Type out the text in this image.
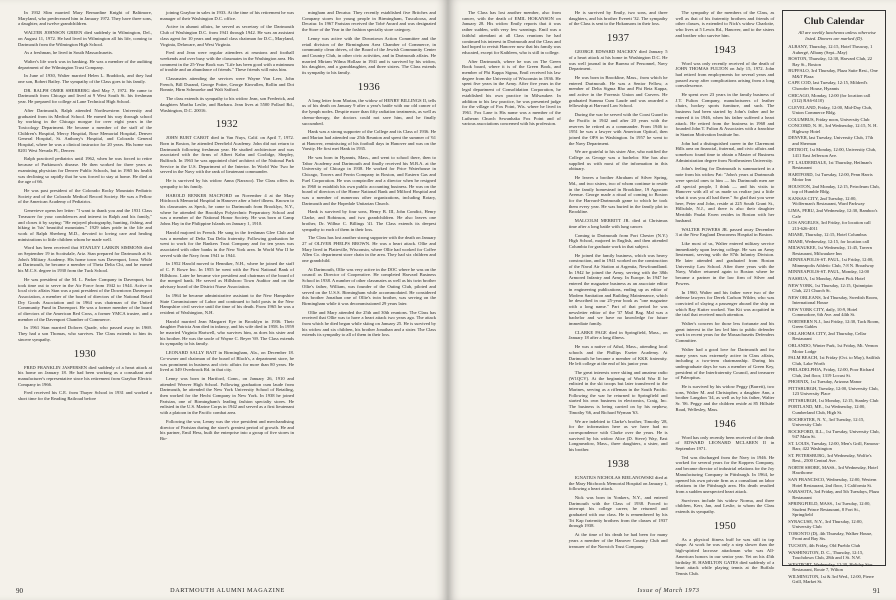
In 1932 Slim married Mary Bernardine Knight of Baltimore, Maryland, who predeceased him in January 1972. They have three sons, a daughter, and twelve grandchildren.

WALTER JOHNSON GREEN died suddenly in Wilmington, Del., on August 11, 1972. He had lived in Wilmington all his life, coming to Dartmouth from the Wilmington High School.

As a freshman, he lived in South Massachusetts.

Walter's life work was in banking. He was a member of the auditing department of the Wilmington Trust Company.

In June of 1930, Walter married Helen L. Braddock, and they had one son, Robert Bailey. The sympathy of the Class goes to his family.

DR. RALPH OMER SHERBERG died May 7, 1972. He came to Dartmouth from Chicago and lived at 9 West South St. his freshman year. He prepared for college at Lane Technical High School.

After Dartmouth, Ralph attended Northwestern University and graduated from its Medical School. He earned his way through school by working in the Chicago morgue for over eight years in the Toxicology Department. He became a member of the staff of the Children's Hospital, Mercy Hospital, Rose Memorial Hospital, Denver General Hospital, St. Anthony's Hospital, and Colorado General Hospital, where he was a clinical instructor for 20 years. His home was 8201 West Nevada Pl., Denver.

Ralph practiced pediatrics until 1962, when he was forced to retire because of Parkinson's disease. He then worked for three years as examining physician for Denver Public Schools, but in 1965 his health was declining so rapidly that he was forced to stay at home. He died at the age of 66.

He was past president of the Colorado Rocky Mountain Pediatric Society and of the Colorado Medical Record Society. He was a Fellow of the American Academy of Pediatrics.

Genevieve opens her letter: "I want to thank you and the 1931 Class Treasurer for your condolences and interest in Ralph and his family," and closes it by saying: "He enjoyed photography, hunting, fishing, and hiking in 'his' beautiful mountains." 1929 takes pride in the life and work of Ralph Sherberg M.D., devoted to loving care and healing ministrations to little children whom he made well.

Word has been received that STANLEY LARKIN SIMMONS died on September 19 in Scottsdale, Ariz. Stan prepared for Dartmouth at St. John's Military Academy. His home town was Davenport, Iowa. While at Dartmouth, he became a member of Theta Delta Chi, and he earned his M.C.S. degree in 1930 from the Tuck School.

He was president of the M. L. Parker Company in Davenport, but took time out to serve in the Air Force from 1942 to 1944. Active in local civic affairs Stan was a past president of the Downtown Davenport Association, a member of the board of directors of the National Retail Dry Goods Association and in 1964 was chairman of the United Community Fund in Davenport. He was a former member of the board of directors of the American Red Cross, a former YMCA trustee, and a member of the Davenport Chamber of Commerce.

In 1961 Stan married Dolores Quade, who passed away in 1969. They had a son Thomas, who survives. The Class extends to him its sincere sympathy.

1930

FRED FRANKLIN JASPERSEN died suddenly of a heart attack at his home on January 18. He had been working as a consultant and manufacturer's representative since his retirement from Graybar Electric Company in 1966.

Fred received his C.E. from Thayer School in 1931 and worked a short time for the Reading Railroad before

joining Graybar in sales in 1933. At the time of his retirement he was manager of their Washington D.C. office.

Active in alumni affairs, he served as secretary of the Dartmouth Club of Washington D.C. from 1941 through 1942. He was an assistant class agent for 10 years and regional class chairman for D.C., Maryland, Virginia, Delaware, and West Virginia.

Fred and Jean were regular attendees at reunions and football weekends and over busy with the classmates in the Washington area. His comment in the 25-Year Book was "Life has been good with a minimum of trouble and an abundance of friends." These friends will miss him.

Classmates attending the services were Wayne Van Leer, John French, Bill Durand, George Potter, George Kinvallen, Rollin and Dot Bonnie, Hirm Schmoeke and Walt Safford.

The class extends its sympathy to his widow Jean, son Frederick, and daughters Martha Leslie, and Barbara. Jean lives at 5500 Pollard Rd., Washington, D.C. 20016.

1932

JOHN BURT CABOT died in Van Nuys, Calif. on April 7, 1972. Born in Boston, he attended Deerfield Academy. John did not return to Dartmouth following freshman year. He studied architecture and was associated with the firms of Albert Kahn and Coolidge, Shepley, Bulfinch. In 1963 he was appointed chief architect of the National Park Service in the U.S. Department of the Interior. In World War Two he served in the Navy with the rank of lieutenant commander.

He is survived by his widow Anna (Narraco). The Class offers its sympathy to his family.

HAROLD RENKER MACFORD on November 4 at the Mary Hitchcock Memorial Hospital in Hanover after a brief illness. Known to his classmates as Speck, he came to Dartmouth from Brooklyn, N.Y., where he attended the Brooklyn Polytechnic Preparatory School and was a member of the National Honor Society. He was born at Camp Johns Hay in the Philippine Islands on January 1, 1910.

Harold majored in French. He sang in the freshman Glee Club and was a member of Delta Tau Delta fraternity. Following graduation he went to work for the Bankers Trust Company and for ten years was associated with other banks in the New York area. In World War II he served with the Navy from 1941 to 1944.

In 1952 Harold moved to Henniker, N.H., where he joined the staff of C. P. Rowe Inc. In 1955 he went with the First National Bank of Hillsboro. Later he became vice president and chairman of the board of the merged bank. He served as Hillsboro Town Auditor and on the advisory board of the District Nurse Association.

In 1964 he became administrative assistant to the New Hampshire State Commissioner of Labor and continued to hold posts in the New Hampshire civil service until the time of his death. From 1965 he was a resident of Washington, N.H.

Harold married Jean Margaret Eye in Brooklyn in 1936. Their daughter Patricia Ann died in infancy, and his wife died in 1958. In 1959 he married Virginia Hartwell, who survives him, as does his sister and his brother. He was the uncle of Wayne C. Beyer '69. The Class extends its sympathy to his family.

LEONARD SALLY BAIT in Birmingham, Ala., on December 18. Co-owner and chairman of the board of Blach's, a department store, he was prominent in business and civic affairs for more than 80 years. He lived at 349 Overbrook Rd. in that city.

Lenny was born in Hartford, Conn., on January 26, 1910 and attended Weaver High School. Following graduation cum laude from Dartmouth, he attended the New York University School of Retailing, then worked for the Hecht Company in New York. In 1938 he joined Parisian, one of Birmingham's leading fashion specialty stores. He enlisted in the U.S. Marine Corps in 1942 and served as a first lieutenant with a platoon in the Pacific combat area.

Following the war, Lenny was the vice president and merchandising director of Parisian during the store's greatest period of growth. He and his partner, Emil Hess, built the enterprise into a group of five stores in Bir-

mingham and Decatur. They recently established five Britches and Company stores for young people in Birmingham, Tuscaloosa, and Decatur. In 1967 Parisian received the Tobé Award and was designated the Store of the Year in the fashion specialty store category.

Lenny was active with the Downtown Action Committee and the retail division of the Birmingham Area Chamber of Commerce, in community clean drives, of the Board of the Jewish Community Center and Country Club, in other civic activities, and in Dartmouth affairs. He married Miriam Wilma Hollaar in 1941 and is survived by his widow, his daughter, and a granddaughter, and three sisters. The Class extends its sympathy to his family.

1936

A long letter from Marian, the widow of HENRY BILLINGS II, tells us of his death on January 9 after a year's battle with our old cancer of the lymph nodes. Despite more than fifty radiation treatments, as well as chemo-therapy, the doctors could not save him, and he finally succumbed.

Hank was a strong supporter of the College and its Class of 1936. He and Marian had attended our 25th Reunion and spent the summer of '61 at Hanover, reminiscing of his football days in Hanover and was on the Varsity. He first met Hank in 1935.

He was born in Hyannis, Mass., and went to school there, then to Tabor Academy and Dartmouth and finally received his M.B.A. at the University of Chicago in 1938. He worked for Price Waterhouse in Chicago, Towers and Ferrin Company in Boston, and Eastern Gas and Fuel Corporation. He was comptroller and a director when he resigned in 1960 to establish his own public accounting business. He was on the board of directors of the Home National Bank and Milford Hospital and was a member of numerous other organizations, including Rotary, Dartmouth and the Hopedale Unitarian Church.

Hank is survived by four sons, Henry B. III, John Condict, Henry Clarke, and Robinson, and two grandchildren. He also leaves one brother, Dr. Wilbur C. Billings '41. The Class extends its deepest sympathy to each of them in their loss.

The Class has lost another strong supporter with the death on January 27 of OLIVER PHELPS BROWN. He was a heart attack. Ollie and Mary lived in Platteville, Wisconsin, where Ollie had worked for Coffee Allen Co. department store chain in the area. They had six children and one grandchild.

At Dartmouth, Ollie was very active in the DOC where he was on the council as Director of Cooperative. He completed Harvard Business School in 1938. A number of other classmates as well as his twin brother Ollie's father, William, was founder of the Outing Club, piloted and served on the U.S.S. Birmingham while accommodated. He considered this brother Jonathan one of Ollie's twin brother, was serving on the Birmingham while it was decommissioned 29 years later.

Ollie and Mary attended the 25th and 30th reunions. The Class has received that Ollie was to have a heart attack two years ago. The attack from which he died began while skiing on January 25. He is survived by his widow and six children, his brother Jonathan and a sister. The Class extends its sympathy to all of them in their loss.

90	DARTMOUTH ALUMNI MAGAZINE

The Class has lost another member, also from cancer, with the death of EMIL HOKANSON on January 28. His widow Emily reports that it was rather sudden, with very few warnings. Emil was a faithful attendant at all Class reunions he had continued his interest in Dartmouth and the Class and had hoped to revisit Hanover now that his family was educated, except for Kathleen, who is still in college.

After Dartmouth, where he was on The Green Book board, where it is of the Green Book, and member of Phi Kappa Sigma, Emil received his law degree from the University of Wisconsin in 1936. He spent five years in the Army. After five years in the legal department of Consolidation Corporation, he established his own practice in Milwaukee. In addition to his law practice, he was presented judge for the village of Fox Point, Wis. where he lived in 1961. Fox Lane is His name was a member of the Lutheran Church Sewanhaka Fox Point and of various associations concerned with his profession.

He is survived by Emily, two sons, and three daughters, and his brother Everett '32. The sympathy of the Class is sent to the Hokansons in their loss.

1937

GEORGE EDWARD MACKEY died January 5 of a heart attack at his home in Washington D.C. He was well journal in the Bureau of Personnel, Navy Department.

He was born in Brookline, Mass., from which he entered Dartmouth. He was a Senior Fellow, a member of Delta Sigma Rho and Phi Beta Kappa, and active in the Forensic Union and Carvers. He graduated Summa Cum Laude and was awarded a fellowship at Harvard Law School.

During the war he served with the Coast Guard in the Pacific in 1942 and after 20 years with the reserves he retired as a commander. From 1946 to 1951 he was a lawyer with American Optical, then joined the OPS in Washington. In 1957 he went to the Navy Department.

We are grateful to his sister Abe, who notified the College as George was a bachelor. She has also supplied us with most of the information in this obituary.

He leaves a brother Abraham of Silver Spring, Md., and two sisters, two of whom continue to reside in the family homestead in Brookline, 19 Agawam Avenue. George made a ritual of coming to Boston for the Harvard-Dartmouth game to which he took them every year. He was buried in the family plot in Brookline.

MALCOLM MERRITT JR. died at Christmas time after a long battle with lung cancer.

Coming to Dartmouth from Port Chester (N.Y.) High School, majored in English, and then attended Columbia for graduate work in that subject.

He joined the family business, which was heavy construction, and in 1941 worked on the construction of the Naval Air Station at Argentia, Newfoundland. In 1942 he joined the Army, serving with the 38th Armored Infantry and Army. In Europe. In 1947 he entered the magazine business as an associate editor in engineering publications, ending up as editor of Modern Sanitation and Building Maintenance, which he described in our 25-year book as "one magazine with a long name." Part of that period he was newsletter editor of the '37 Mail Bag. Mal was a bachelor and we have no knowledge for future immediate family.

CLARKE PAGE died in Springfield, Mass., on January 18 after a long illness.

He was a native of Athol, Mass., attending local schools and the Phillips Exeter Academy. At Dartmouth he became a member of KKK fraternity. He left college at the end of his junior year.

The great interests were skiing and amateur radio (W1QCV). At the beginning of World War II he enlisted in the ski troops but later transferred to the Marines, serving as a rifleman in the South Pacific. Following the war he returned to Springfield and started his own business in electronics, Craig, Inc. The business is being carried on by his nephew, Timothy '66, and Richard Wyman '63.

We are indebted to Clarke's brother, Timothy '28, for the information here as we have had no correspondence with Clarke over the years. He is survived by his widow Alice (D. Steve) Way, East Longmeadow, Mass., three daughters, a sister, and his brother.

1938

IGNATIUS NICHOLAS BIELANOWSKI died at the Mary Hitchcock Memorial Hospital on January 1, following a heart attack.

Nick was born in Yonkers, N.Y., and entered Dartmouth with the Class of 1938. Forced to interrupt his college career, he returned and graduated with our class. He is remembered by his Tri Kap fraternity brothers from the classes of 1937 through 1938.

At the time of his death he had been for many years a member of the Hanover Country Club and treasurer of the Norwich Trust Company.

The sympathy of the members of the Class, as well as that of his fraternity brothers and friends of other classes, is extended to Nick's widow Charlotte, who lives at 5 Lewis Rd., Hanover, and to the sisters and brother who survive him.

1943

Word was only recently received of the death of JOHN THOMAS FULTON on July 15, 1972. John had retired from employments for several years and passed away after complications arising from a long convalescence.

He spent over 23 years in the family business of J.T. Fulton Company, manufacturers of leather chairs, hockey sports furniture, and such. The business had been started by John's father and he entered it in 1946, when his father suffered a heart attack. He retired from the business in 1968 and founded John T. Fulton & Associates with a franchise in Stanton Motivation Institute Inc.

John had a distinguished career in the Claremont Hills area on financial, fraternal, and civic affairs and somehow found time to obtain a Master of Business Administration degree from Northeastern University.

John's feeling for Dartmouth is summarized in a note from his widow Pat: "John's years at Dartmouth were special ones to him — his Dartmouth men are all special people, I think — and his visits to Hanover with all of us made us realize just a little what it was you all had there." So glad that you were here, Peter and John, reside at 225 South Grant St., Hillsdale, N.J., and there is also their daughter Meridith Paulat Ewen resides in Boston with her husband.

WALTER POWERS JR. passed away December 3 at the New England Deaconess Hospital in Boston.

Like most of us, Walter entered military service immediately upon leaving college. He was an Army lieutenant, serving with the 87th Infantry Division. He later attended and graduated from Boston University Law School. After three years with the Navy, Walter returned again to Boston where he became a partner in the law firm of Silver and Powers.

In 1960, Walter and his father were two of the defense lawyers for Derek Carlson Wilder, who was convicted of slaying a passenger aboard the ship on which Ray Kutter worked. Van Kit was acquitted in the trial that received much attention.

Walter's concern for those less fortunate and his great interest in the law led him to public defender work in recent years for the Massachusetts Defenders Committee.

Walter had a good love for Dartmouth and for many years was extremely active in Class affairs, including a two-term chairmanship. During his undergraduate days he was a member of Green Key, president of the Interfraternity Council, and treasurer of Paleopitus.

He is survived by his widow Peggy (Barrett), two sons, Walter M. and Christopher, a daughter Ann, a brother Langdon '34, as well as by his father, Walter Sr. '06. Peggy and the children reside at 85 Hillside Road, Wellesley, Mass.

1946

Word has only recently been received of the death of EDWARD LEONARD MCLAREN II in September 1971.

Ted was discharged from the Navy in 1946. He worked for several years for the Koppers Company, and became director of industrial relations for the Joy Manufacturing Company in Pittsburgh. In 1964, he opened his own private firm as a consultant on labor relations in the Pittsburgh area. His death resulted from a sudden unexpected heart attack.

Survivors include his widow Norma, and three children, Kerr, Jan, and Leslie, to whom the Class extends its sympathy.

1950

As a physical fitness buff he was still in top shape. At work he was only a step slower than the high-spirited lacrosse attackman who was All-American honors in our senior year. Yet on his 45th birthday H. HAMILTON GATES died suddenly of a heart attack while playing tennis at the Buffalo Tennis Club.

Club Calendar

All are weekly luncheons unless otherwise listed. Dinners are marked (D).

ALBANY, Thursday, 12:15, Hotel Thruway, 1 Aubergé, Albany (Sept.–May)
BOSTON, Thursday, 12:30, Harvard Club, 22 Bay St., Boston
BUFFALO, 3rd Thursday, Plaza Suite Rest., One M&T Plaza
CAPE COD, last Tuesday, 12:15, Mildred's Chowder House, Hyannis
CHICAGO, Monday, 12:00 (for location call (312) RA6-6110)
CLEVELAND, Friday, 12:00, Mid-Day Club, Union Commerce Bldg.
COLUMBUS, Friday noon, University Club
CONCORD, N. H., 3rd Wednesday, 12:15, N. H. Highway Hotel
DENVER, last Tuesday, University Club, 17th and Sherman
DETROIT, 1st Monday, 12:00, University Club, 1411 East Jefferson Ave.
FT. LAUDERDALE, 1st Thursday, Heilman's Restaurant
HARTFORD, 1st Tuesday, 12:00, Penn Harris Motor Inn
HOUSTON, 2nd Monday, 12:15, Petroleum Club, top of Humble Bldg.
KANSAS CITY, 2nd Tuesday, 12:00, Wolferman's Restaurant, Ward Parkway
LIMA, PERU, 2nd Wednesday, 12:30, Bamboo's Cafe
LOS ANGELES, 3rd Friday, for location call 213-626-4011
MIAMI, Thursday, 12:15, Hotel Columbus
MIAMI, Wednesday, 12:15, for location call
MILWAUKEE, 1st Wednesday, 11:45, Tavern Restaurant, Milwaukee Inn
MINNEAPOLIS-ST. PAUL, 1st Friday, 12:00, Minneapolis Athletic Club, 7:8 N. Broadway
MINNEAPOLIS-ST. PAUL, Monday, 12:00
NASHUA, 1st Monday, Albert Pick Hotel
NEW YORK, 1st Thursday, 12:15, Quinnipiac Club, 221 Church St.
NEW ORLEANS, 3rd Thursday, Swedish Room, International House
NEW YORK CITY, daily, 10:9, Hotel Commodore, 6th Ave. and 44th St.
NORTHERN N.J., last Friday, 12:30, Tack Room, Green Gables
OKLAHOMA CITY, 2nd Thursday, Cellar Restaurant
ORLANDO, Winter Park, 1st Friday, Mt. Vernon Motor Lodge
PALM BEACH, 1st Friday (Oct. to May), Sailfish Club, Lake Worth
PHILADELPHIA, Friday, 12:00, Poor Richard Club, 2nd floor, 1319 Locust St.
PHOENIX, 1st Tuesday, Arizona Manor
PITTSBURGH, Tuesday, 12:00, University Club, 123 University Place
PITTSBURGH, 1st Monday, 12:15, Stanley Club
PORTLAND, ME., 1st Wednesday, 12:00, Cumberland Club, High St.
ROCHESTER, N. Y., 3rd Tuesday, 12:15, University Club
ROCKFORD, ILL., 1st Tuesday, University Club, 947 Main St.
ST. LOUIS, Tuesday, 12:00, Men's Grill, Famous-Barr, 422 Washington
ST. PETERSBURG, 3rd Wednesday, Wolfie's Rest., 2500 Central Ave.
NORTH SHORE, MASS., 3rd Wednesday, Hotel Hawthorne
SAN FRANCISCO, Wednesday, 12:00, Western Hotel Restaurant, 2nd floor, 1 California St.
SARASOTA, 3rd Friday, and 5th Tuesdays, Plaza Restaurant
SPRINGFIELD, MASS., 1st Tuesday, 12:00, Student Prince Restaurant, 8 Fort St., Springfield
SYRACUSE, N.Y., 3rd Thursday, 12:00, University Club
TORONTO (D), 4th Thursday, Walker House, Front and Bay Sts.
TUCSON, 4th Friday, Old Pueblo Club
WASHINGTON, D. C., Thursday, 12:15, Touchdown Club, 28th and I St. N.W.
WESTPORT, Wednesday, 12:30, Holiday Star Restaurant, Route 7, Wilton
WILMINGTON, 1st & 3rd Wed., 12:00, Pierre Grill, Market St.
Issue of March 1973	91
